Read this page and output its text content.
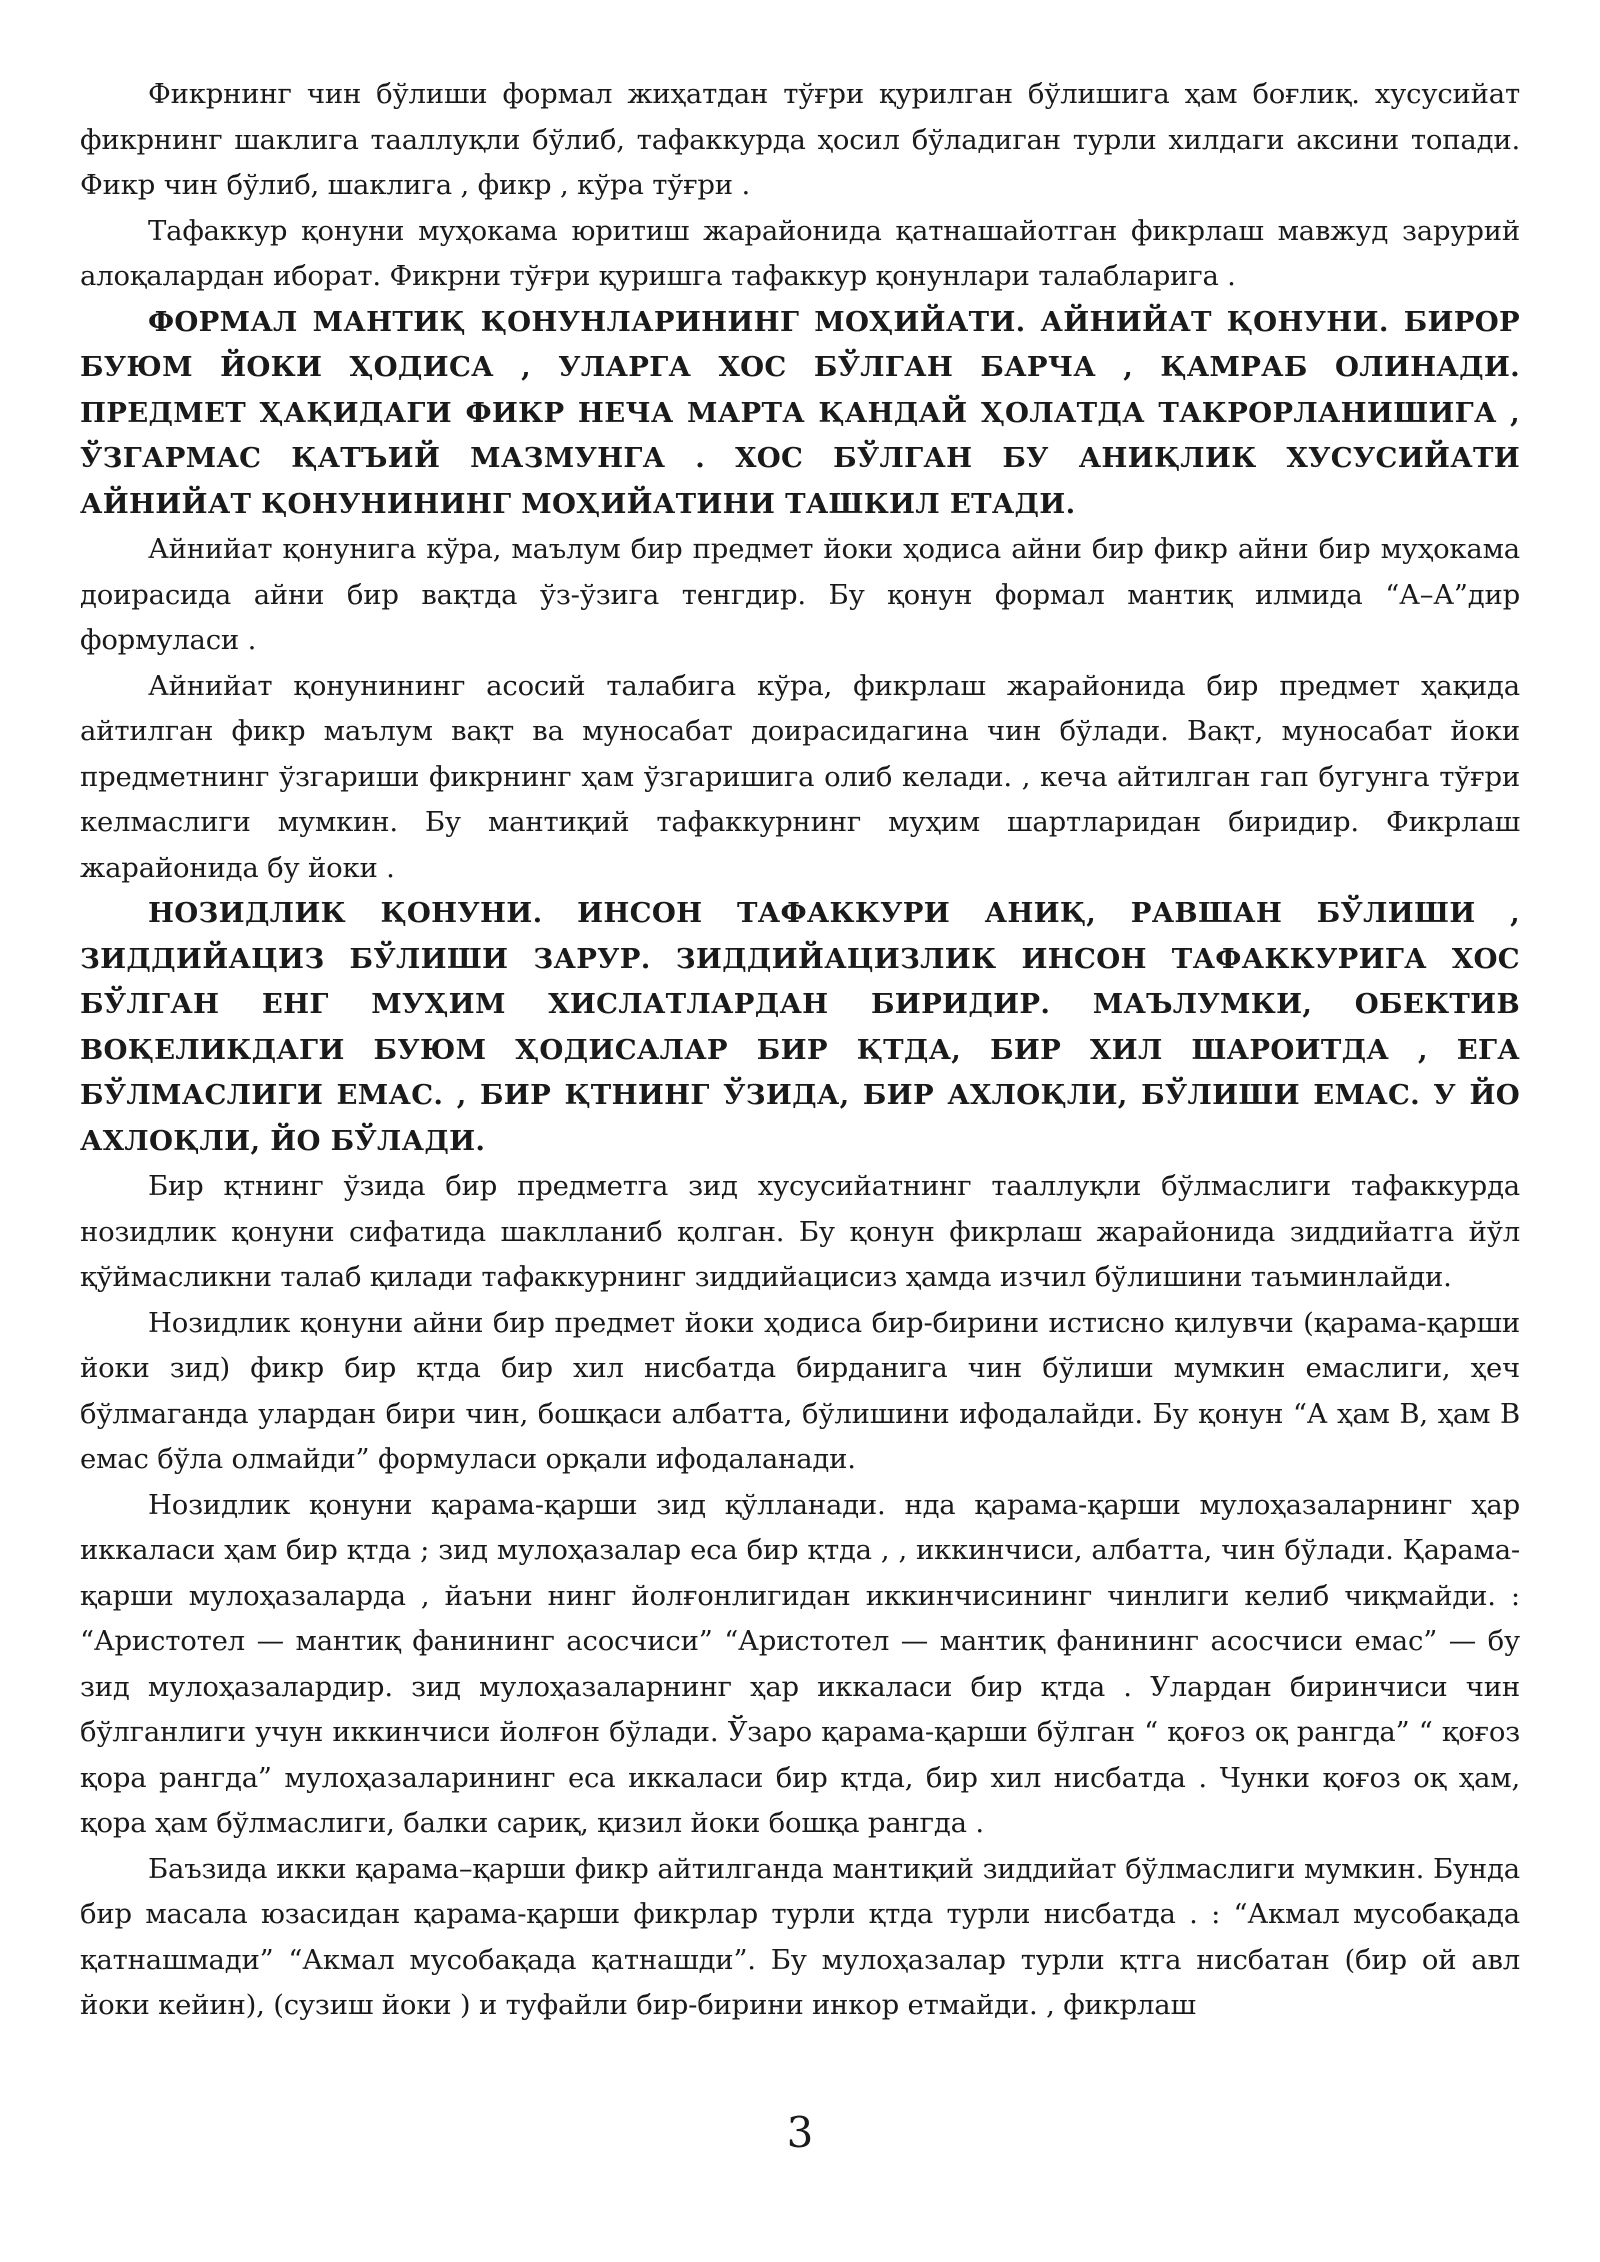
Фикрнинг чин бўлиши формал жиҳатдан тўғри қурилган бўлишига ҳам боғлиқ. хусусийат фикрнинг шаклига тааллуқли бўлиб, тафаккурда ҳосил бўладиган турли хилдаги аксини топади. Фикр чин бўлиб, шаклига , фикр , кўра тўғри .

Тафаккур қонуни муҳокама юритиш жарайонида қатнашайотган фикрлаш мавжуд зарурий алоқалардан иборат. Фикрни тўғри қуришга тафаккур қонунлари талабларига .

ФОРМАЛ МАНТИҚ ҚОНУНЛАРИНИНГ МОҲИЙАТИ. АЙНИЙАТ ҚОНУНИ. БИРОР БУЮМ ЙОКИ ҲОДИСА , УЛАРГА ХОС БЎЛГАН БАРЧА , ҚАМРАБ ОЛИНАДИ. ПРЕДМЕТ ҲАҚИДАГИ ФИКР НЕЧА МАРТА ҚАНДАЙ ҲОЛАТДА ТАКРОРЛАНИШИГА , ЎЗГАРМАС ҚАТЪИЙ МАЗМУНГА . ХОС БЎЛГАН БУ АНИҚЛИК ХУСУСИЙАТИ АЙНИЙАТ ҚОНУНИНИНГ МОҲИЙАТИНИ ТАШКИЛ ЕТАДИ.

Айнийат қонунига кўра, маълум бир предмет йоки ҳодиса айни бир фикр айни бир муҳокама доирасида айни бир вақтда ўз-ўзига тенгдир. Бу қонун формал мантиқ илмида “А–А”дир формуласи .

Айнийат қонунининг асосий талабига кўра, фикрлаш жарайонида бир предмет ҳақида айтилган фикр маълум вақт ва муносабат доирасидагина чин бўлади. Вақт, муносабат йоки предметнинг ўзгариши фикрнинг ҳам ўзгаришига олиб келади. , кеча айтилган гап бугунга тўғри келмаслиги мумкин. Бу мантиқий тафаккурнинг муҳим шартларидан биридир. Фикрлаш жарайонида бу йоки .

НОЗИДЛИК ҚОНУНИ. ИНСОН ТАФАККУРИ АНИҚ, РАВШАН БЎЛИШИ , ЗИДДИЙАЦИЗ БЎЛИШИ ЗАРУР. ЗИДДИЙАЦИЗЛИК ИНСОН ТАФАККУРИГА ХОС БЎЛГАН ЕНГ МУҲИМ ХИСЛАТЛАРДАН БИРИДИР. МАЪЛУМКИ, ОБЕКТИВ ВОҚЕЛИКДАГИ БУЮМ ҲОДИСАЛАР БИР ҚТДА, БИР ХИЛ ШАРОИТДА , ЕГА БЎЛМАСЛИГИ ЕМАС. , БИР ҚТНИНГ ЎЗИДА, БИР АХЛОҚЛИ, БЎЛИШИ ЕМАС. У ЙО АХЛОҚЛИ, ЙО БЎЛАДИ.

Бир қтнинг ўзида бир предметга зид хусусийатнинг тааллуқли бўлмаслиги тафаккурда нозидлик қонуни сифатида шаклланиб қолган. Бу қонун фикрлаш жарайонида зиддийатга йўл қўймасликни талаб қилади тафаккурнинг зиддийацисиз ҳамда изчил бўлишини таъминлайди.

Нозидлик қонуни айни бир предмет йоки ҳодиса бир-бирини истисно қилувчи (қарама-қарши йоки зид) фикр бир қтда бир хил нисбатда бирданига чин бўлиши мумкин емаслиги, ҳеч бўлмаганда улардан бири чин, бошқаси албатта, бўлишини ифодалайди. Бу қонун “А ҳам В, ҳам В емас бўла олмайди” формуласи орқали ифодаланади.

Нозидлик қонуни қарама-қарши зид қўлланади. нда қарама-қарши мулоҳазаларнинг ҳар иккаласи ҳам бир қтда ; зид мулоҳазалар еса бир қтда , , иккинчиси, албатта, чин бўлади. Қарама-қарши мулоҳазаларда , йаъни нинг йолғонлигидан иккинчисининг чинлиги келиб чиқмайди. : “Аристотел — мантиқ фанининг асосчиси” “Аристотел — мантиқ фанининг асосчиси емас” — бу зид мулоҳазалардир. зид мулоҳазаларнинг ҳар иккаласи бир қтда . Улардан биринчиси чин бўлганлиги учун иккинчиси йолғон бўлади. Ўзаро қарама-қарши бўлган “ қоғоз оқ рангда” “ қоғоз қора рангда” мулоҳазаларининг еса иккаласи бир қтда, бир хил нисбатда . Чунки қоғоз оқ ҳам, қора ҳам бўлмаслиги, балки сариқ, қизил йоки бошқа рангда .

Баъзида икки қарама–қарши фикр айтилганда мантиқий зиддийат бўлмаслиги мумкин. Бунда бир масала юзасидан қарама-қарши фикрлар турли қтда турли нисбатда . : “Акмал мусобақада қатнашмади” “Акмал мусобақада қатнашди”. Бу мулоҳазалар турли қтга нисбатан (бир ой авл йоки кейин), (сузиш йоки ) и туфайли бир-бирини инкор етмайди. , фикрлаш

3
